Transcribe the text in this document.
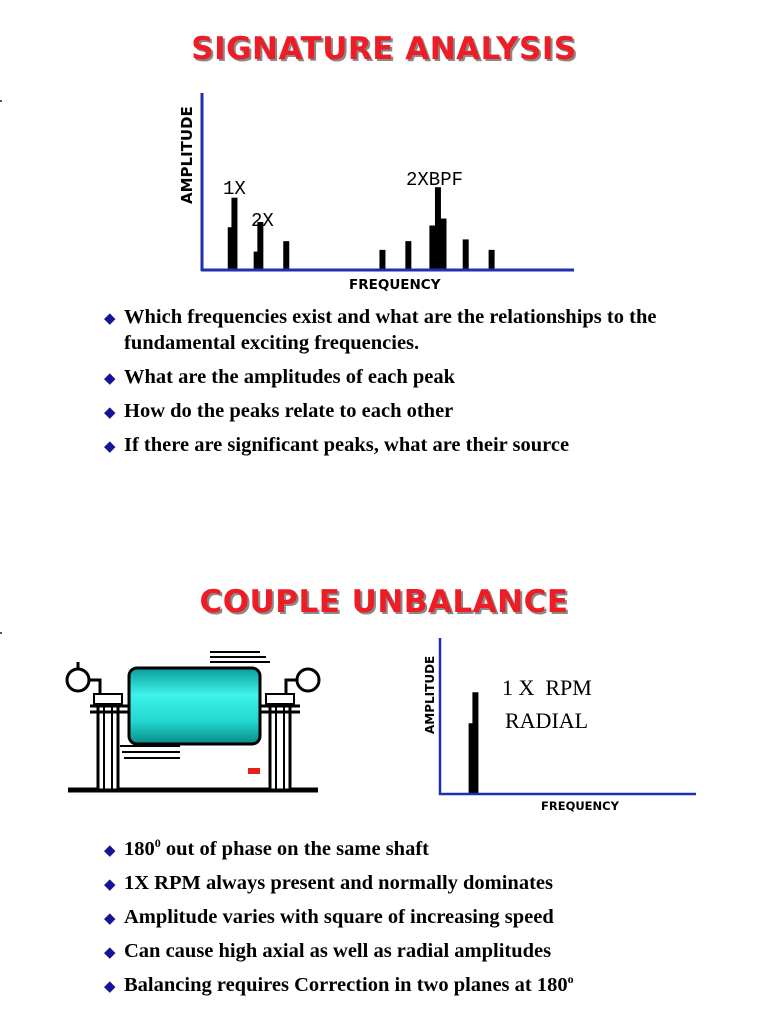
SIGNATURE ANALYSIS
AMPLITUDE
FREQUENCY
1X
2X
2XBPF
◆ Which frequencies exist and what are the relationships to the fundamental exciting frequencies.
◆ What are the amplitudes of each peak
◆ How do the peaks relate to each other
◆ If there are significant peaks, what are their source
COUPLE UNBALANCE
AMPLITUDE
FREQUENCY
1 X  RPM
RADIAL
◆ $180^0$ out of phase on the same shaft
◆ 1X RPM always present and normally dominates
◆ Amplitude varies with square of increasing speed
◆ Can cause high axial as well as radial amplitudes
◆ Balancing requires Correction in two planes at 180$^o$
